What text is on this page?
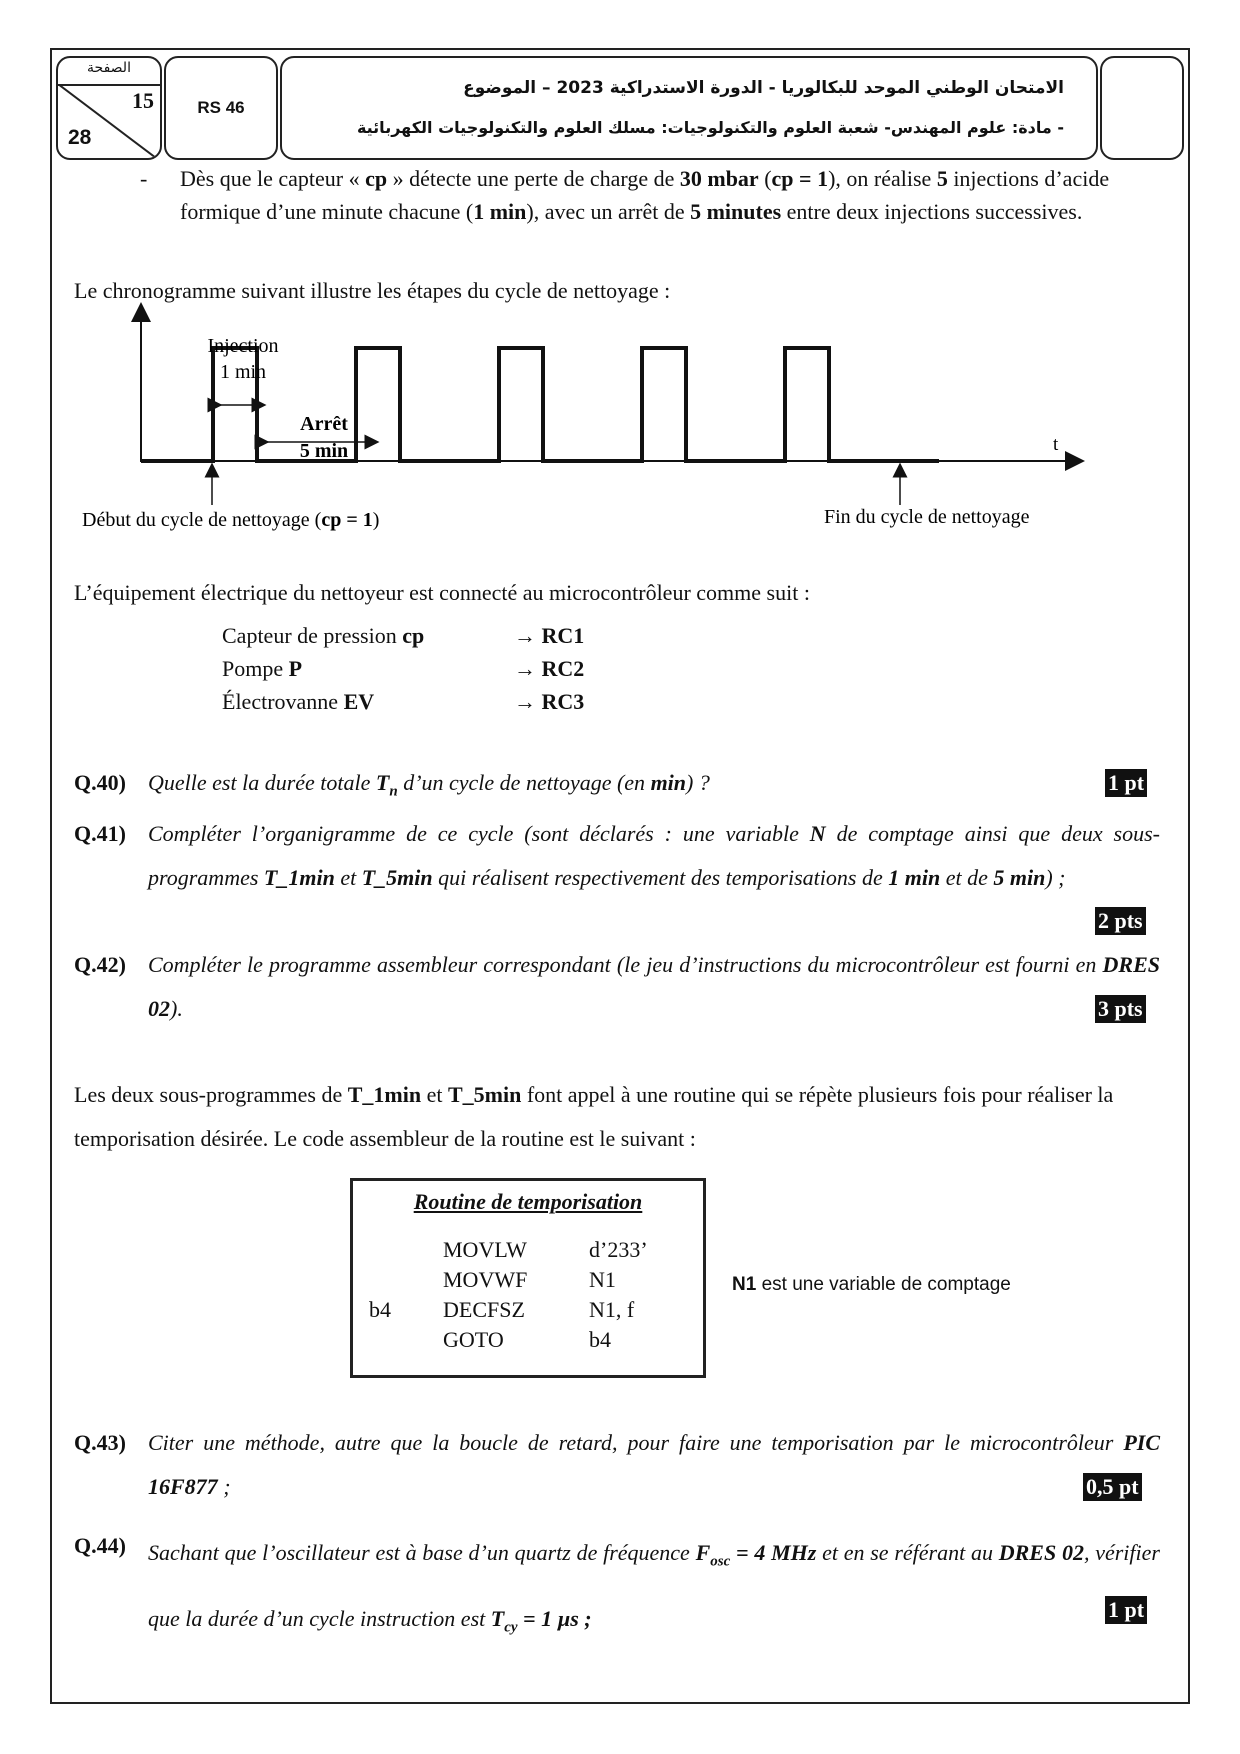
الصفحة
15
28
RS 46
الامتحان الوطني الموحد للبكالوريا - الدورة الاستدراكية 2023 – الموضوع
- مادة: علوم المهندس- شعبة العلوم والتكنولوجيات: مسلك العلوم والتكنولوجيات الكهربائية
-	Dès que le capteur « cp » détecte une perte de charge de 30 mbar (cp = 1), on réalise 5 injections d’acide formique d’une minute chacune (1 min), avec un arrêt de 5 minutes entre deux injections successives.
Le chronogramme suivant illustre les étapes du cycle de nettoyage :
Injection
1 min
Arrêt
5 min	t
Début du cycle de nettoyage (cp = 1)	Fin du cycle de nettoyage
L’équipement électrique du nettoyeur est connecté au microcontrôleur comme suit :
Capteur de pression cp	→ RC1
Pompe P	→ RC2
Électrovanne EV	→ RC3
Q.40) Quelle est la durée totale $T_n$ d’un cycle de nettoyage (en min) ?	1 pt
Q.41) Compléter l’organigramme de ce cycle (sont déclarés : une variable N de comptage ainsi que deux sous-programmes T_1min et T_5min qui réalisent respectivement des temporisations de 1 min et de 5 min) ;
2 pts
Q.42) Compléter le programme assembleur correspondant (le jeu d’instructions du microcontrôleur est fourni en DRES 02).	3 pts
Les deux sous-programmes de T_1min et T_5min font appel à une routine qui se répète plusieurs fois pour réaliser la temporisation désirée. Le code assembleur de la routine est le suivant :
Routine de temporisation
MOVLW	d’233’
MOVWF	N1
b4 DECFSZ	N1, f
GOTO	b4
N1 est une variable de comptage
Q.43) Citer une méthode, autre que la boucle de retard, pour faire une temporisation par le microcontrôleur PIC 16F877 ;	0,5 pt
Q.44) Sachant que l’oscillateur est à base d’un quartz de fréquence $F_{osc} = 4$ MHz et en se référant au DRES 02, vérifier que la durée d’un cycle instruction est $T_{cy} = 1$ µs ;	1 pt
